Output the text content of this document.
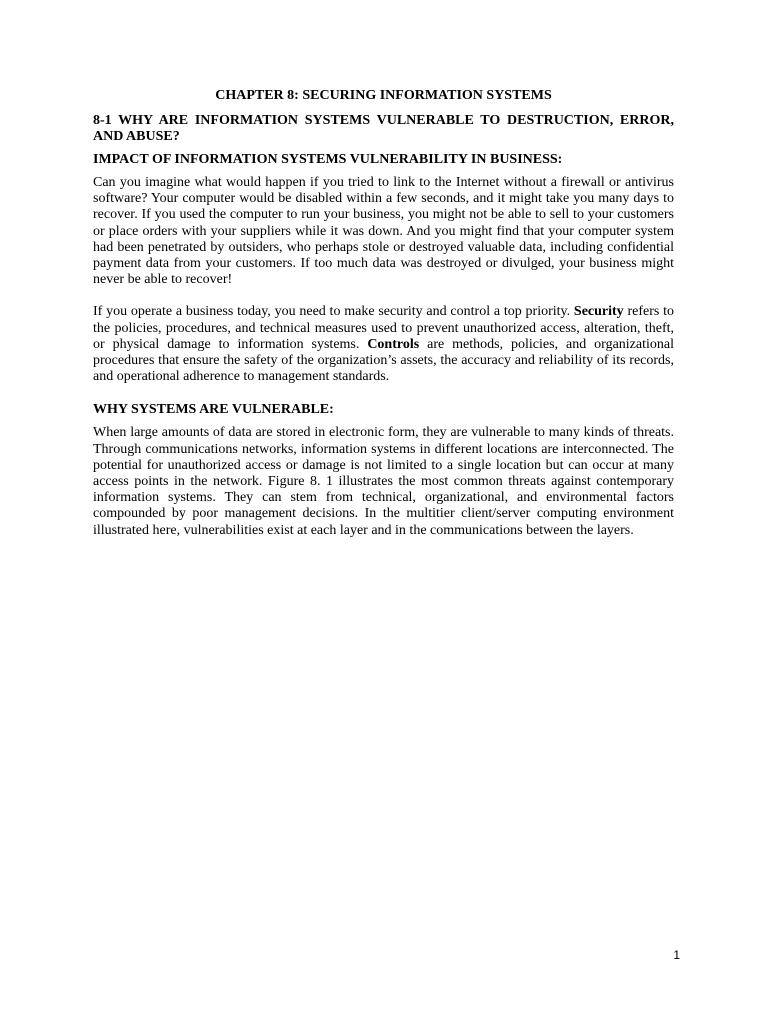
CHAPTER 8: SECURING INFORMATION SYSTEMS
8-1 WHY ARE INFORMATION SYSTEMS VULNERABLE TO DESTRUCTION, ERROR, AND ABUSE?
IMPACT OF INFORMATION SYSTEMS VULNERABILITY IN BUSINESS:

Can you imagine what would happen if you tried to link to the Internet without a firewall or antivirus software? Your computer would be disabled within a few seconds, and it might take you many days to recover. If you used the computer to run your business, you might not be able to sell to your customers or place orders with your suppliers while it was down. And you might find that your computer system had been penetrated by outsiders, who perhaps stole or destroyed valuable data, including confidential payment data from your customers. If too much data was destroyed or divulged, your business might never be able to recover!

If you operate a business today, you need to make security and control a top priority. Security refers to the policies, procedures, and technical measures used to prevent unauthorized access, alteration, theft, or physical damage to information systems. Controls are methods, policies, and organizational procedures that ensure the safety of the organization’s assets, the accuracy and reliability of its records, and operational adherence to management standards.

WHY SYSTEMS ARE VULNERABLE:

When large amounts of data are stored in electronic form, they are vulnerable to many kinds of threats. Through communications networks, information systems in different locations are interconnected. The potential for unauthorized access or damage is not limited to a single location but can occur at many access points in the network. Figure 8. 1 illustrates the most common threats against contemporary information systems. They can stem from technical, organizational, and environmental factors compounded by poor management decisions. In the multitier client/server computing environment illustrated here, vulnerabilities exist at each layer and in the communications between the layers.

1
